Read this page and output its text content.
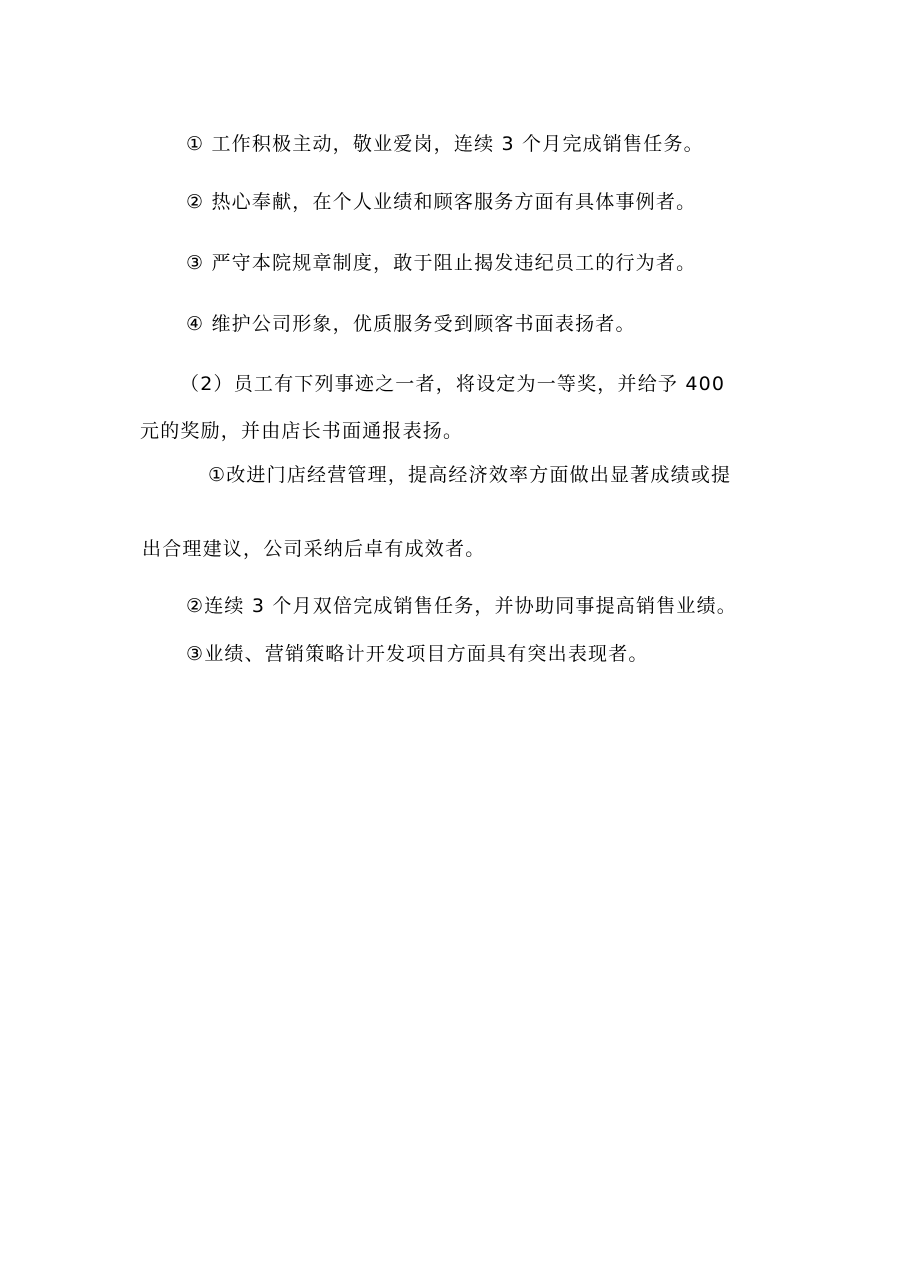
① 工作积极主动，敬业爱岗，连续 3 个月完成销售任务。
② 热心奉献，在个人业绩和顾客服务方面有具体事例者。
③ 严守本院规章制度，敢于阻止揭发违纪员工的行为者。
④ 维护公司形象，优质服务受到顾客书面表扬者。
（2）员工有下列事迹之一者，将设定为一等奖，并给予 400
元的奖励，并由店长书面通报表扬。
①改进门店经营管理，提高经济效率方面做出显著成绩或提
出合理建议，公司采纳后卓有成效者。
②连续 3 个月双倍完成销售任务，并协助同事提高销售业绩。
③业绩、营销策略计开发项目方面具有突出表现者。
